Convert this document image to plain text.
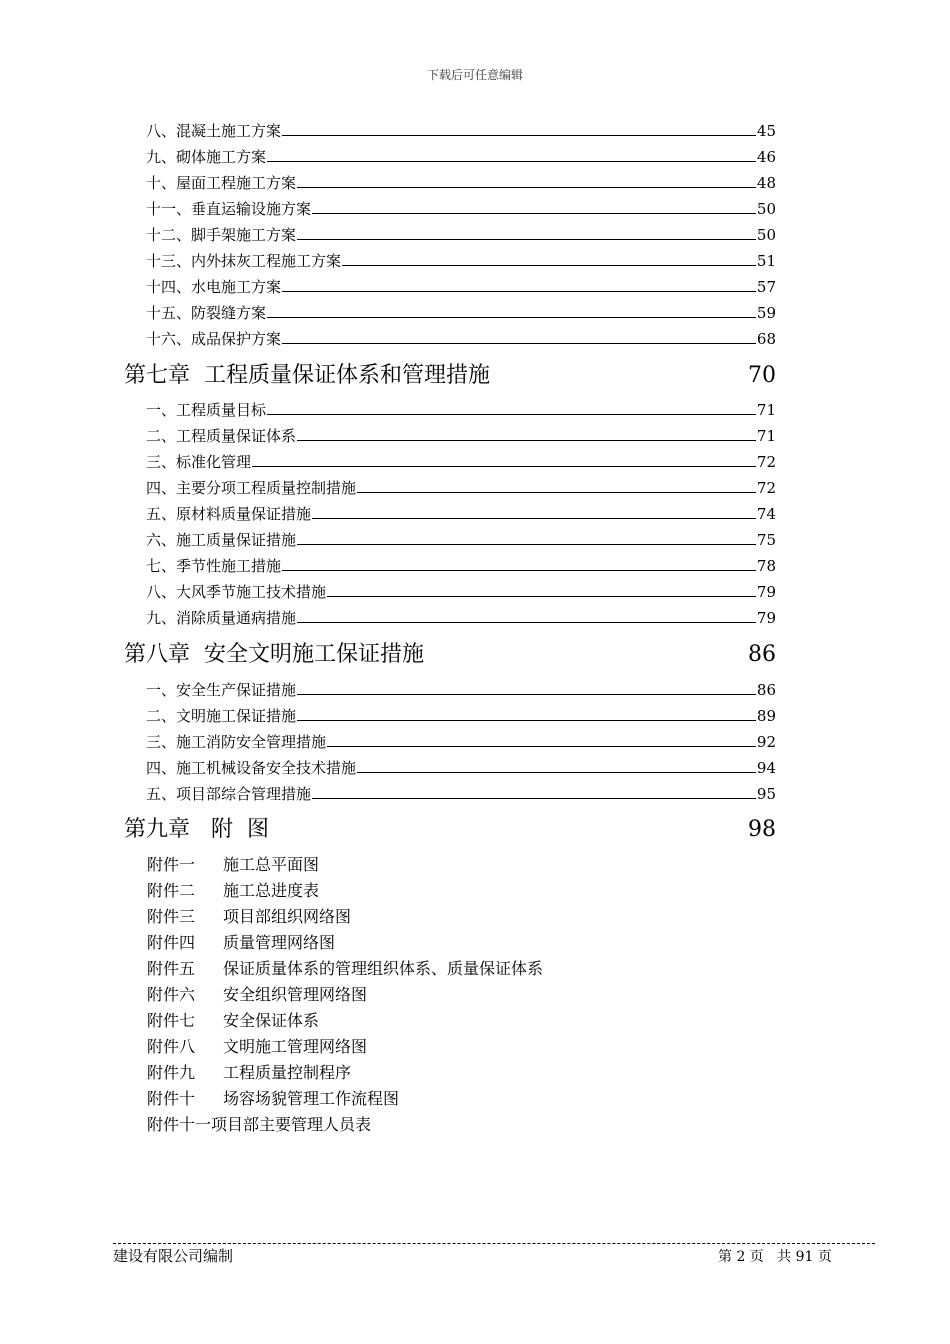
下载后可任意编辑
八、混凝土施工方案	45
九、砌体施工方案	46
十、屋面工程施工方案	48
十一、垂直运输设施方案	50
十二、脚手架施工方案	50
十三、内外抹灰工程施工方案	51
十四、水电施工方案	57
十五、防裂缝方案	59
十六、成品保护方案	68
第七章  工程质量保证体系和管理措施	70
一、工程质量目标	71
二、工程质量保证体系	71
三、标准化管理	72
四、主要分项工程质量控制措施	72
五、原材料质量保证措施	74
六、施工质量保证措施	75
七、季节性施工措施	78
八、大风季节施工技术措施	79
九、消除质量通病措施	79
第八章  安全文明施工保证措施	86
一、安全生产保证措施	86
二、文明施工保证措施	89
三、施工消防安全管理措施	92
四、施工机械设备安全技术措施	94
五、项目部综合管理措施	95
第九章   附  图	98
附件一	施工总平面图
附件二	施工总进度表
附件三	项目部组织网络图
附件四	质量管理网络图
附件五	保证质量体系的管理组织体系、质量保证体系
附件六	安全组织管理网络图
附件七	安全保证体系
附件八	文明施工管理网络图
附件九	工程质量控制程序
附件十	场容场貌管理工作流程图
附件十一项目部主要管理人员表
建设有限公司编制	第 2 页   共 91 页
